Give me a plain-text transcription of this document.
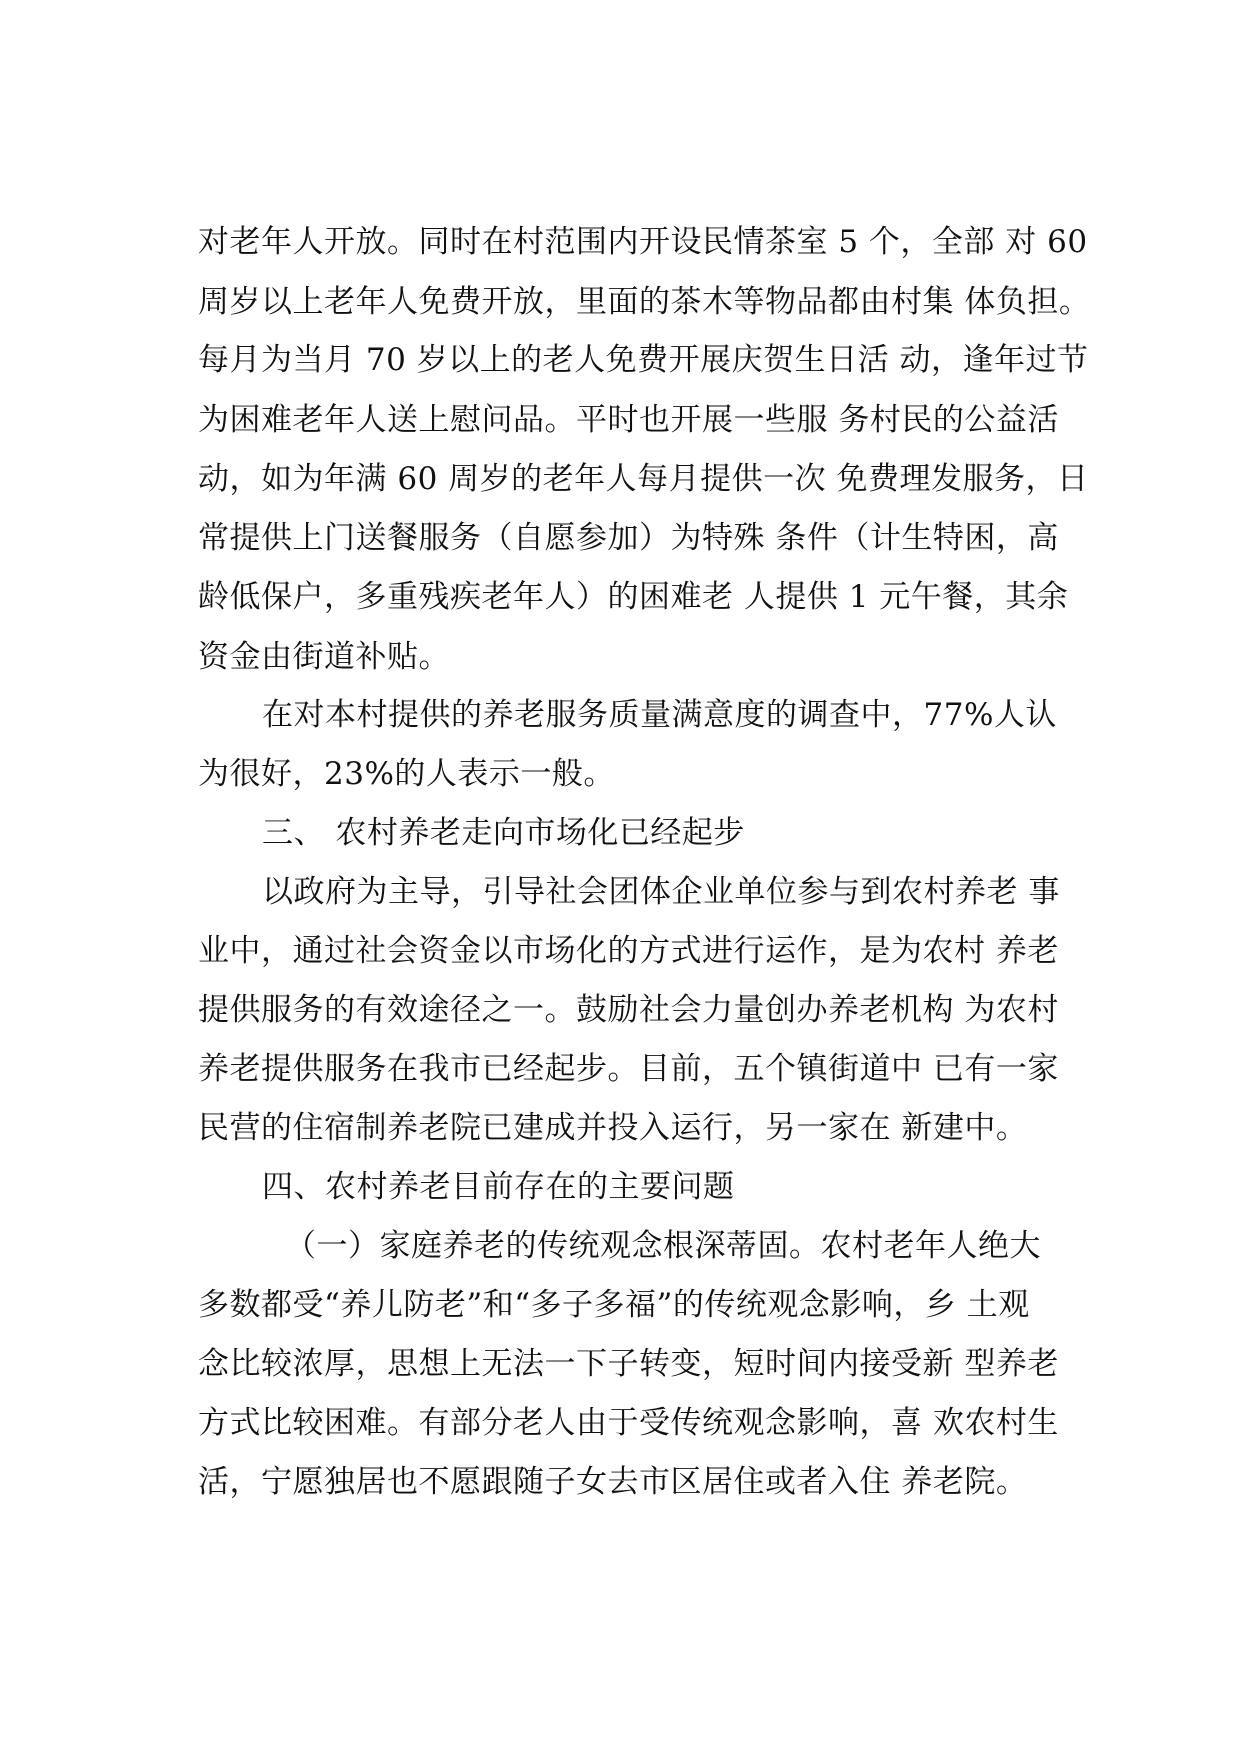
对老年人开放。同时在村范围内开设民情茶室 5 个，全部 对 60
周岁以上老年人免费开放，里面的茶木等物品都由村集 体负担。
每月为当月 70 岁以上的老人免费开展庆贺生日活 动，逢年过节
为困难老年人送上慰问品。平时也开展一些服 务村民的公益活
动，如为年满 60 周岁的老年人每月提供一次 免费理发服务，日
常提供上门送餐服务（自愿参加）为特殊 条件（计生特困，高
龄低保户，多重残疾老年人）的困难老 人提供 1 元午餐，其余
资金由街道补贴。
在对本村提供的养老服务质量满意度的调查中，77%人认
为很好，23%的人表示一般。
三、 农村养老走向市场化已经起步
以政府为主导，引导社会团体企业单位参与到农村养老 事
业中，通过社会资金以市场化的方式进行运作，是为农村 养老
提供服务的有效途径之一。鼓励社会力量创办养老机构 为农村
养老提供服务在我市已经起步。目前，五个镇街道中 已有一家
民营的住宿制养老院已建成并投入运行，另一家在 新建中。
四、农村养老目前存在的主要问题
（一）家庭养老的传统观念根深蒂固。农村老年人绝大
多数都受“养儿防老”和“多子多福”的传统观念影响，乡 土观
念比较浓厚，思想上无法一下子转变，短时间内接受新 型养老
方式比较困难。有部分老人由于受传统观念影响，喜 欢农村生
活，宁愿独居也不愿跟随子女去市区居住或者入住 养老院。
